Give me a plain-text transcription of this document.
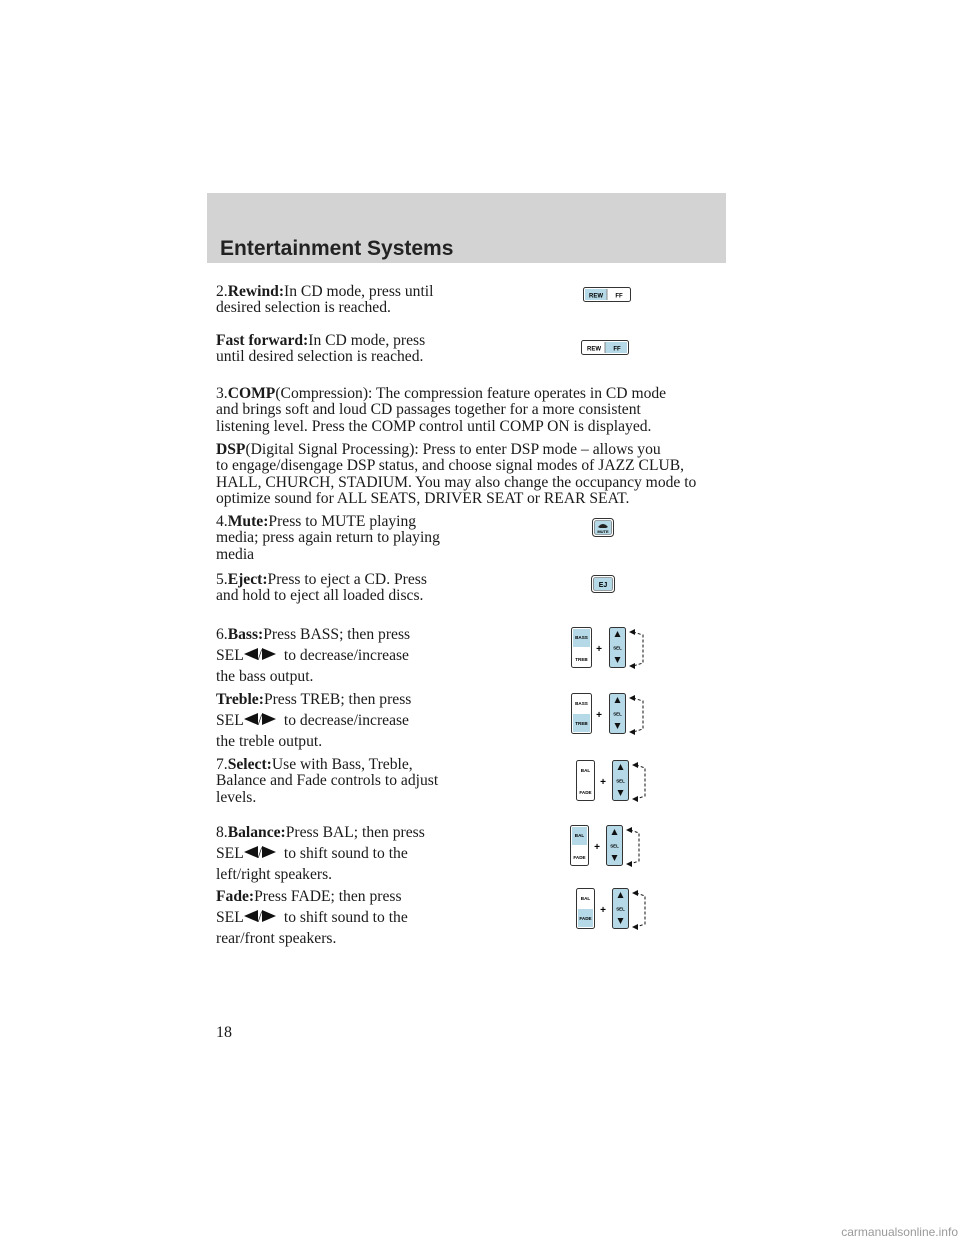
Entertainment Systems
2.Rewind:In CD mode, press until
desired selection is reached.
REW FF
Fast forward:In CD mode, press
until desired selection is reached.	REW FF
3.COMP(Compression): The compression feature operates in CD mode
and brings soft and loud CD passages together for a more consistent
listening level. Press the COMP control until COMP ON is displayed.
DSP(Digital Signal Processing): Press to enter DSP mode – allows you
to engage/disengage DSP status, and choose signal modes of JAZZ CLUB,
HALL, CHURCH, STADIUM. You may also change the occupancy mode to
optimize sound for ALL SEATS, DRIVER SEAT or REAR SEAT.
4.Mute:Press to MUTE playing
media; press again return to playing
media
MUTE
5.Eject:Press to eject a CD. Press
and hold to eject all loaded discs.
EJ
6.Bass:Press BASS; then press
SEL / to decrease/increase
the bass output.
BASS
TREB
+	SEL
Treble:Press TREB; then press
SEL / to decrease/increase
the treble output.
BASS
TREB
+	SEL
7.Select:Use with Bass, Treble,
Balance and Fade controls to adjust
levels.
BAL
FADE
+ SEL
8.Balance:Press BAL; then press
SEL / to shift sound to the
left/right speakers.
BAL
FADE
+ SEL
Fade:Press FADE; then press
SEL / to shift sound to the
rear/front speakers.
BAL
FADE
+ SEL
18
carmanualsonline.info
